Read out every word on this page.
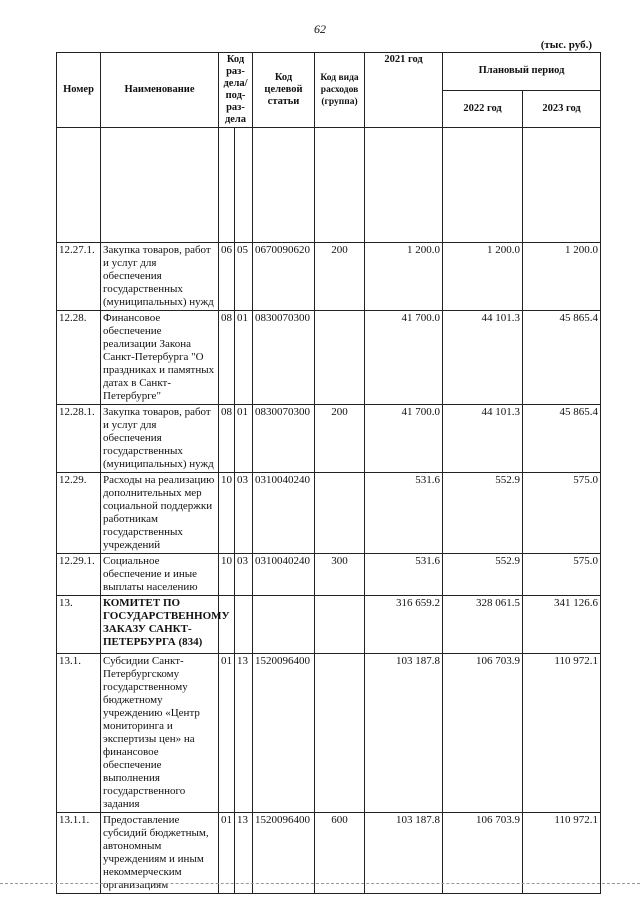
62
(тыс. руб.)
Номер	Наименование	Код раз-дела/ под-раз-дела		Код целевой статьи	Код вида расходов (группа)	2021 год	Плановый период	
							2022 год	2023 год

12.27.1.	Закупка товаров, работ и услуг для обеспечения государственных (муниципальных) нужд	06	05	0670090620	200	1 200.0	1 200.0	1 200.0
12.28.	Финансовое обеспечение реализации Закона Санкт-Петербурга "О праздниках и памятных датах в Санкт-Петербурге"	08	01	0830070300		41 700.0	44 101.3	45 865.4
12.28.1.	Закупка товаров, работ и услуг для обеспечения государственных (муниципальных) нужд	08	01	0830070300	200	41 700.0	44 101.3	45 865.4
12.29.	Расходы на реализацию дополнительных мер социальной поддержки работникам государственных учреждений	10	03	0310040240		531.6	552.9	575.0
12.29.1.	Социальное обеспечение и иные выплаты населению	10	03	0310040240	300	531.6	552.9	575.0
13.	КОМИТЕТ ПО ГОСУДАРСТВЕННОМУ ЗАКАЗУ САНКТ-ПЕТЕРБУРГА (834)					316 659.2	328 061.5	341 126.6
13.1.	Субсидии Санкт-Петербургскому государственному бюджетному учреждению «Центр мониторинга и экспертизы цен» на финансовое обеспечение выполнения государственного задания	01	13	1520096400		103 187.8	106 703.9	110 972.1
13.1.1.	Предоставление субсидий бюджетным, автономным учреждениям и иным некоммерческим организациям	01	13	1520096400	600	103 187.8	106 703.9	110 972.1
